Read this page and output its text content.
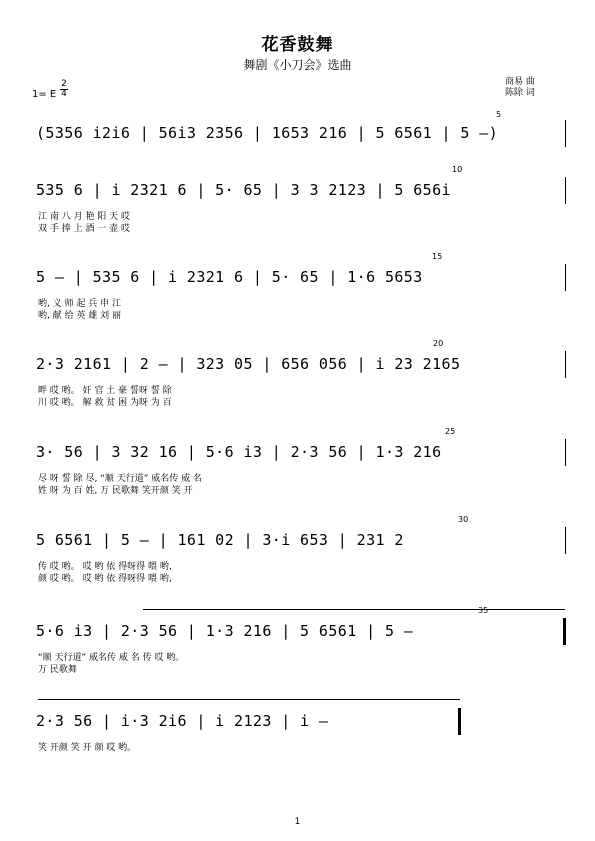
花香鼓舞
舞剧《小刀会》选曲
商易 曲
陈除 词
1= E $\frac{2}{4}$
(5356 i2i6 | 56i3 2356 | 1653 216 | 5 6561 | 5 —)
5
535 6 | i 2321 6 | 5· 65 | 3 3 2123 | 5 656i
10
江 南 八 月 艳 阳 天 哎
双 手 捧 上 酒 一 壶 哎
5 — | 535 6 | i 2321 6 | 5· 65 | 1·6 5653
15
哟, 义 师 起 兵 申 江
哟, 献 给 英 雄 刘 丽
2·3 2161 | 2 — | 323 05 | 656 056 | i 23 2165
20
畔 哎 哟。 奸 官 土 豪 誓呀 誓 除
川 哎 哟。 解 救 贫 困 为呀 为 百
3· 56 | 3 32 16 | 5·6 i3 | 2·3 56 | 1·3 216
25
尽 呀 誓 除 尽, “顺 天行道” 威名传 威 名
姓 呀 为 百 姓, 万 民歌舞 笑开颜 笑 开
5 6561 | 5 — | 161 02 | 3·i 653 | 231 2
30
传 哎 哟。 哎 哟 依 得呀得 喂 哟,
颜 哎 哟。 哎 哟 依 得呀得 喂 哟,
5·6 i3 | 2·3 56 | 1·3 216 | 5 6561 | 5 —
35
“顺 天行道” 威名传 威 名 传 哎 哟。
万 民歌舞
2·3 56 | i·3 2i6 | i 2123 | i —
笑 开颜 笑 开 颜 哎 哟。
1
